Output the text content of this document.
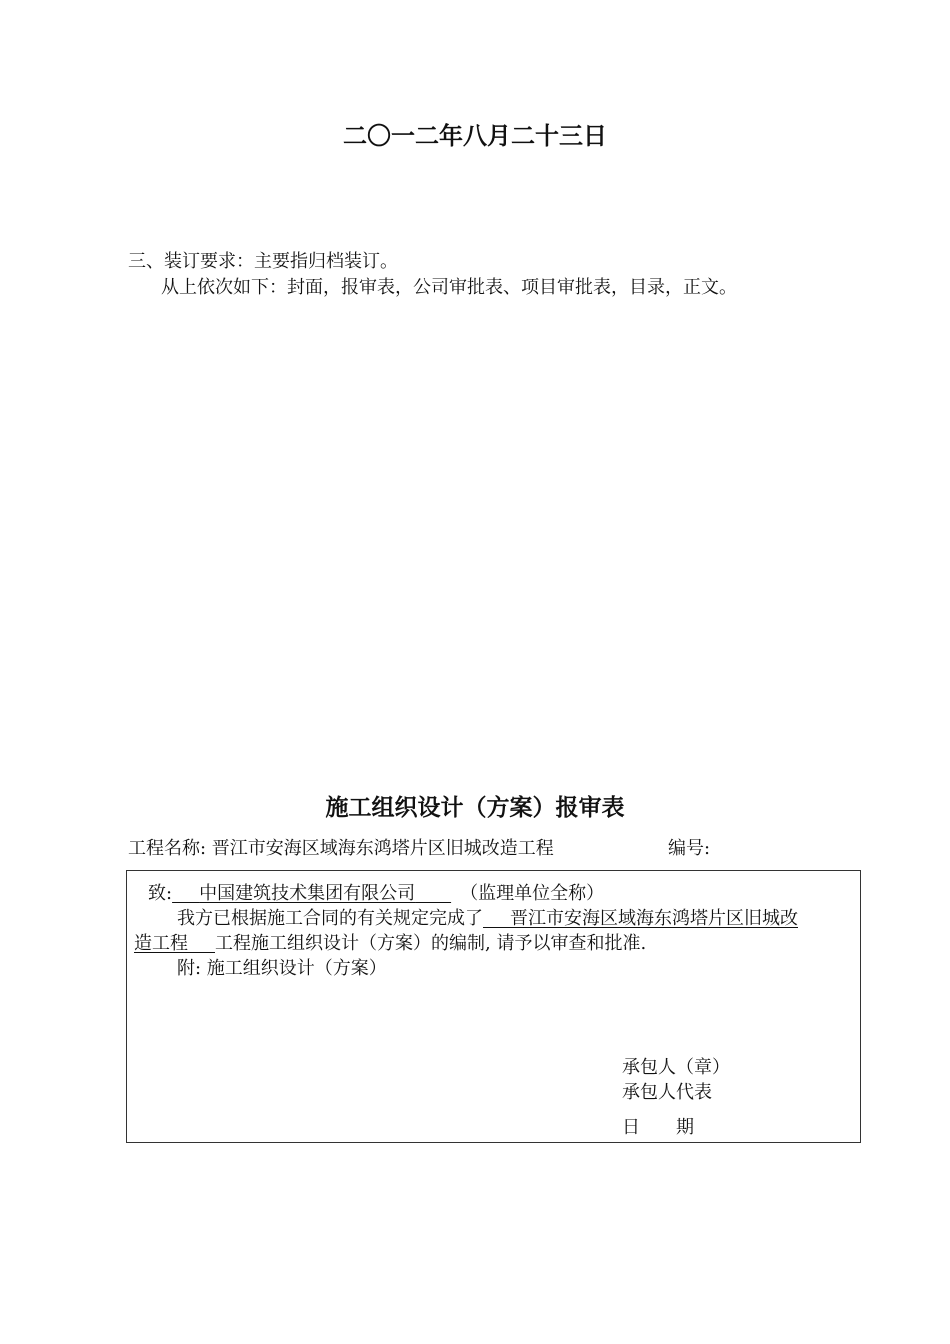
二〇一二年八月二十三日
三、装订要求：主要指归档装订。
从上依次如下：封面，报审表，公司审批表、项目审批表，目录，正文。
施工组织设计（方案）报审表
工程名称: 晋江市安海区域海东鸿塔片区旧城改造工程	编号:
致:   中国建筑技术集团有限公司   	（监理单位全称）
我方已根据施工合同的有关规定完成了   晋江市安海区域海东鸿塔片区旧城改
造工程   工程施工组织设计（方案）的编制, 请予以审查和批准.
附: 施工组织设计（方案）
承包人（章）
承包人代表
日　　期
